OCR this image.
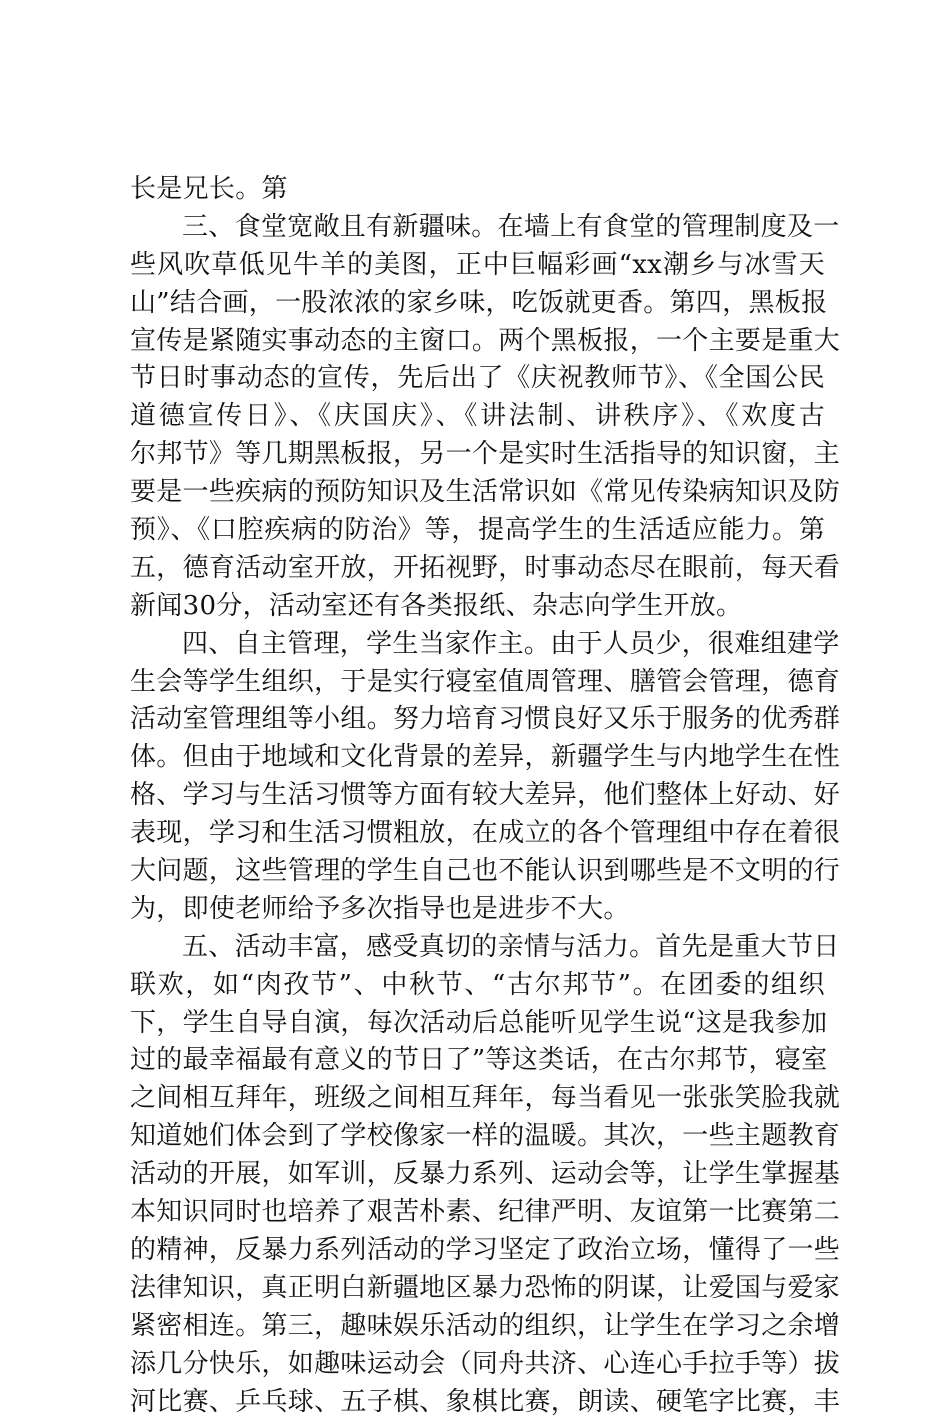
长是兄长。第
三、食堂宽敞且有新疆味。在墙上有食堂的管理制度及一
些风吹草低见牛羊的美图，正中巨幅彩画“xx潮乡与冰雪天
山”结合画，一股浓浓的家乡味，吃饭就更香。第四，黑板报
宣传是紧随实事动态的主窗口。两个黑板报，一个主要是重大
节日时事动态的宣传，先后出了《庆祝教师节》、《全国公民
道德宣传日》、《庆国庆》、《讲法制、讲秩序》、《欢度古
尔邦节》等几期黑板报，另一个是实时生活指导的知识窗，主
要是一些疾病的预防知识及生活常识如《常见传染病知识及防
预》、《口腔疾病的防治》等，提高学生的生活适应能力。第
五，德育活动室开放，开拓视野，时事动态尽在眼前，每天看
新闻30分，活动室还有各类报纸、杂志向学生开放。
四、自主管理，学生当家作主。由于人员少，很难组建学
生会等学生组织，于是实行寝室值周管理、膳管会管理，德育
活动室管理组等小组。努力培育习惯良好又乐于服务的优秀群
体。但由于地域和文化背景的差异，新疆学生与内地学生在性
格、学习与生活习惯等方面有较大差异，他们整体上好动、好
表现，学习和生活习惯粗放，在成立的各个管理组中存在着很
大问题，这些管理的学生自己也不能认识到哪些是不文明的行
为，即使老师给予多次指导也是进步不大。
五、活动丰富，感受真切的亲情与活力。首先是重大节日
联欢，如“肉孜节”、中秋节、“古尔邦节”。在团委的组织
下，学生自导自演，每次活动后总能听见学生说“这是我参加
过的最幸福最有意义的节日了”等这类话，在古尔邦节，寝室
之间相互拜年，班级之间相互拜年，每当看见一张张笑脸我就
知道她们体会到了学校像家一样的温暖。其次，一些主题教育
活动的开展，如军训，反暴力系列、运动会等，让学生掌握基
本知识同时也培养了艰苦朴素、纪律严明、友谊第一比赛第二
的精神，反暴力系列活动的学习坚定了政治立场，懂得了一些
法律知识，真正明白新疆地区暴力恐怖的阴谋，让爱国与爱家
紧密相连。第三，趣味娱乐活动的组织，让学生在学习之余增
添几分快乐，如趣味运动会（同舟共济、心连心手拉手等）拔
河比赛、乒乓球、五子棋、象棋比赛，朗读、硬笔字比赛，丰
